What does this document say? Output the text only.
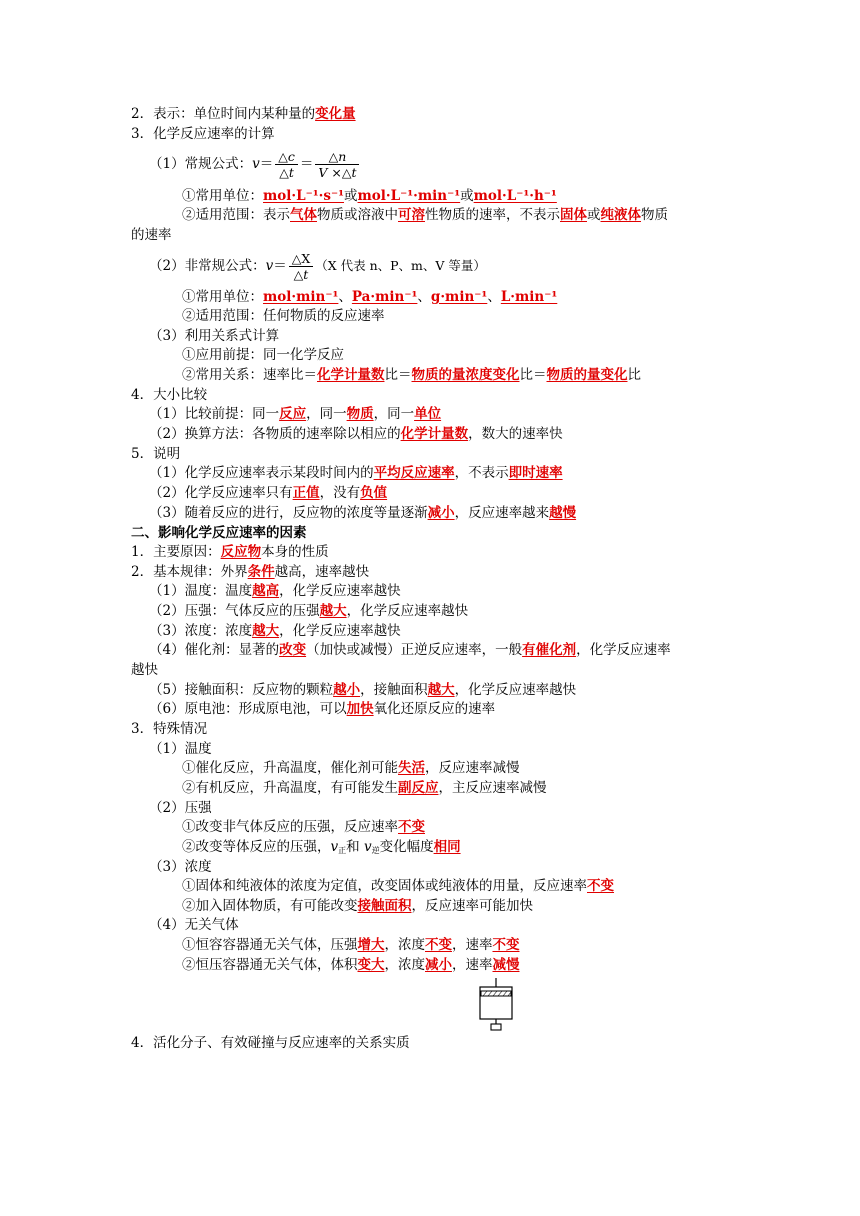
2．表示：单位时间内某种量的变化量
3．化学反应速率的计算
（1）常规公式：$v= \frac{\triangle c}{\triangle t} = \frac{\triangle n}{V \times\triangle t}$
①常用单位：mol·L⁻¹·s⁻¹或mol·L⁻¹·min⁻¹或mol·L⁻¹·h⁻¹
②适用范围：表示气体物质或溶液中可溶性物质的速率，不表示固体或纯液体物质
的速率
（2）非常规公式：$v= \frac{\triangle X}{\triangle t} (X$ 代表 n、P、m、V 等量）
①常用单位：mol·min⁻¹、Pa·min⁻¹、g·min⁻¹、L·min⁻¹
②适用范围：任何物质的反应速率
（3）利用关系式计算
①应用前提：同一化学反应
②常用关系：速率比＝化学计量数比＝物质的量浓度变化比＝物质的量变化比
4．大小比较
（1）比较前提：同一反应，同一物质，同一单位
（2）换算方法：各物质的速率除以相应的化学计量数，数大的速率快
5．说明
（1）化学反应速率表示某段时间内的平均反应速率，不表示即时速率
（2）化学反应速率只有正值，没有负值
（3）随着反应的进行，反应物的浓度等量逐渐减小，反应速率越来越慢
二、影响化学反应速率的因素
1．主要原因：反应物本身的性质
2．基本规律：外界条件越高，速率越快
（1）温度：温度越高，化学反应速率越快
（2）压强：气体反应的压强越大，化学反应速率越快
（3）浓度：浓度越大，化学反应速率越快
（4）催化剂：显著的改变（加快或减慢）正逆反应速率，一般有催化剂，化学反应速率
越快
（5）接触面积：反应物的颗粒越小，接触面积越大，化学反应速率越快
（6）原电池：形成原电池，可以加快氧化还原反应的速率
3．特殊情况
（1）温度
①催化反应，升高温度，催化剂可能失活，反应速率减慢
②有机反应，升高温度，有可能发生副反应，主反应速率减慢
（2）压强
①改变非气体反应的压强，反应速率不变
②改变等体反应的压强，$v_正$和 $v_逆$变化幅度相同
（3）浓度
①固体和纯液体的浓度为定值，改变固体或纯液体的用量，反应速率不变
②加入固体物质，有可能改变接触面积，反应速率可能加快
（4）无关气体
①恒容容器通无关气体，压强增大，浓度不变，速率不变
②恒压容器通无关气体，体积变大，浓度减小，速率减慢
4．活化分子、有效碰撞与反应速率的关系实质
